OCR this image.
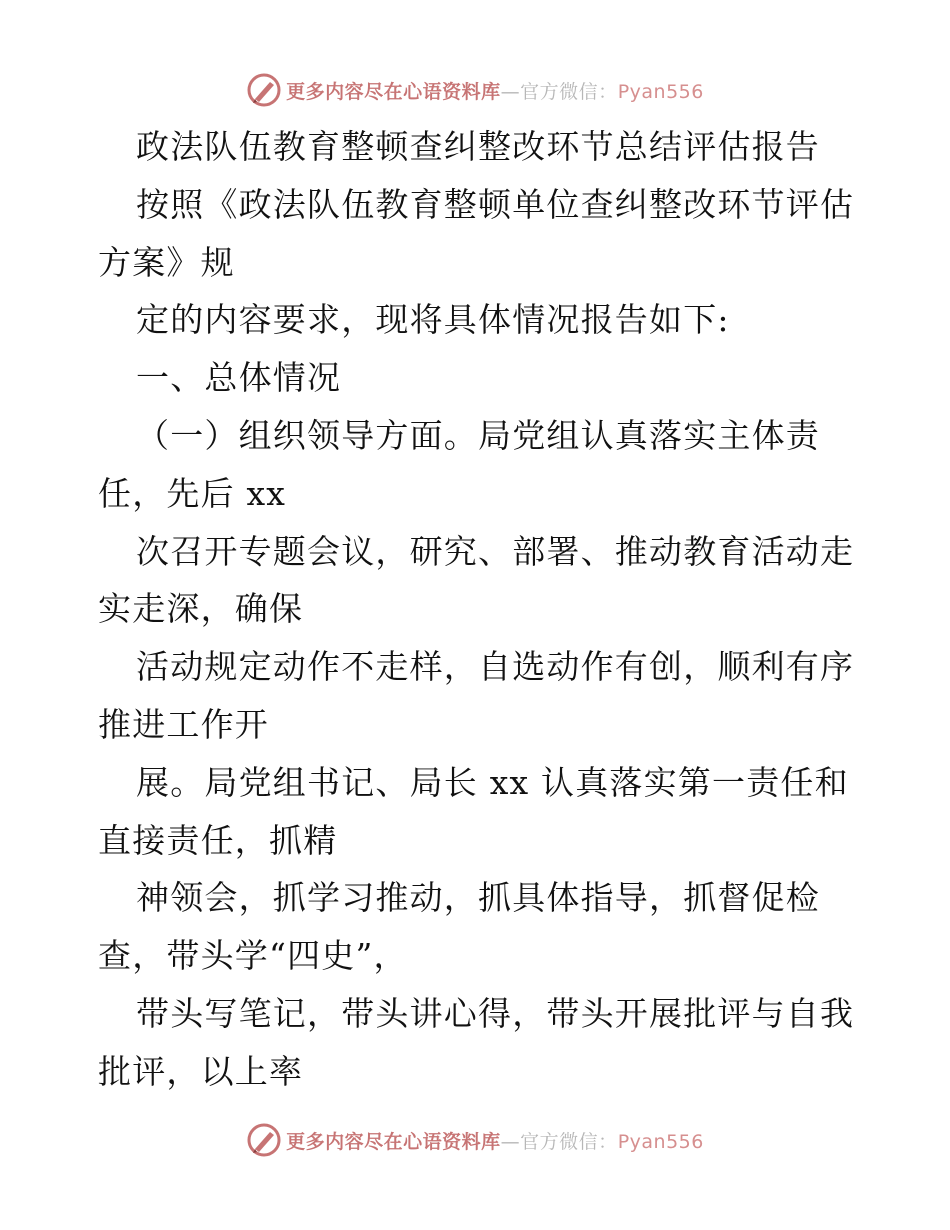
更多内容尽在心语资料库—官方微信：Pyan556
政法队伍教育整顿查纠整改环节总结评估报告
按照《政法队伍教育整顿单位查纠整改环节评估
方案》规
定的内容要求，现将具体情况报告如下:
一、总体情况
（一）组织领导方面。局党组认真落实主体责
任，先后 xx
次召开专题会议，研究、部署、推动教育活动走
实走深，确保
活动规定动作不走样，自选动作有创，顺利有序
推进工作开
展。局党组书记、局长 xx 认真落实第一责任和
直接责任，抓精
神领会，抓学习推动，抓具体指导，抓督促检
查，带头学“四史”，
带头写笔记，带头讲心得，带头开展批评与自我
批评，以上率
更多内容尽在心语资料库—官方微信：Pyan556
